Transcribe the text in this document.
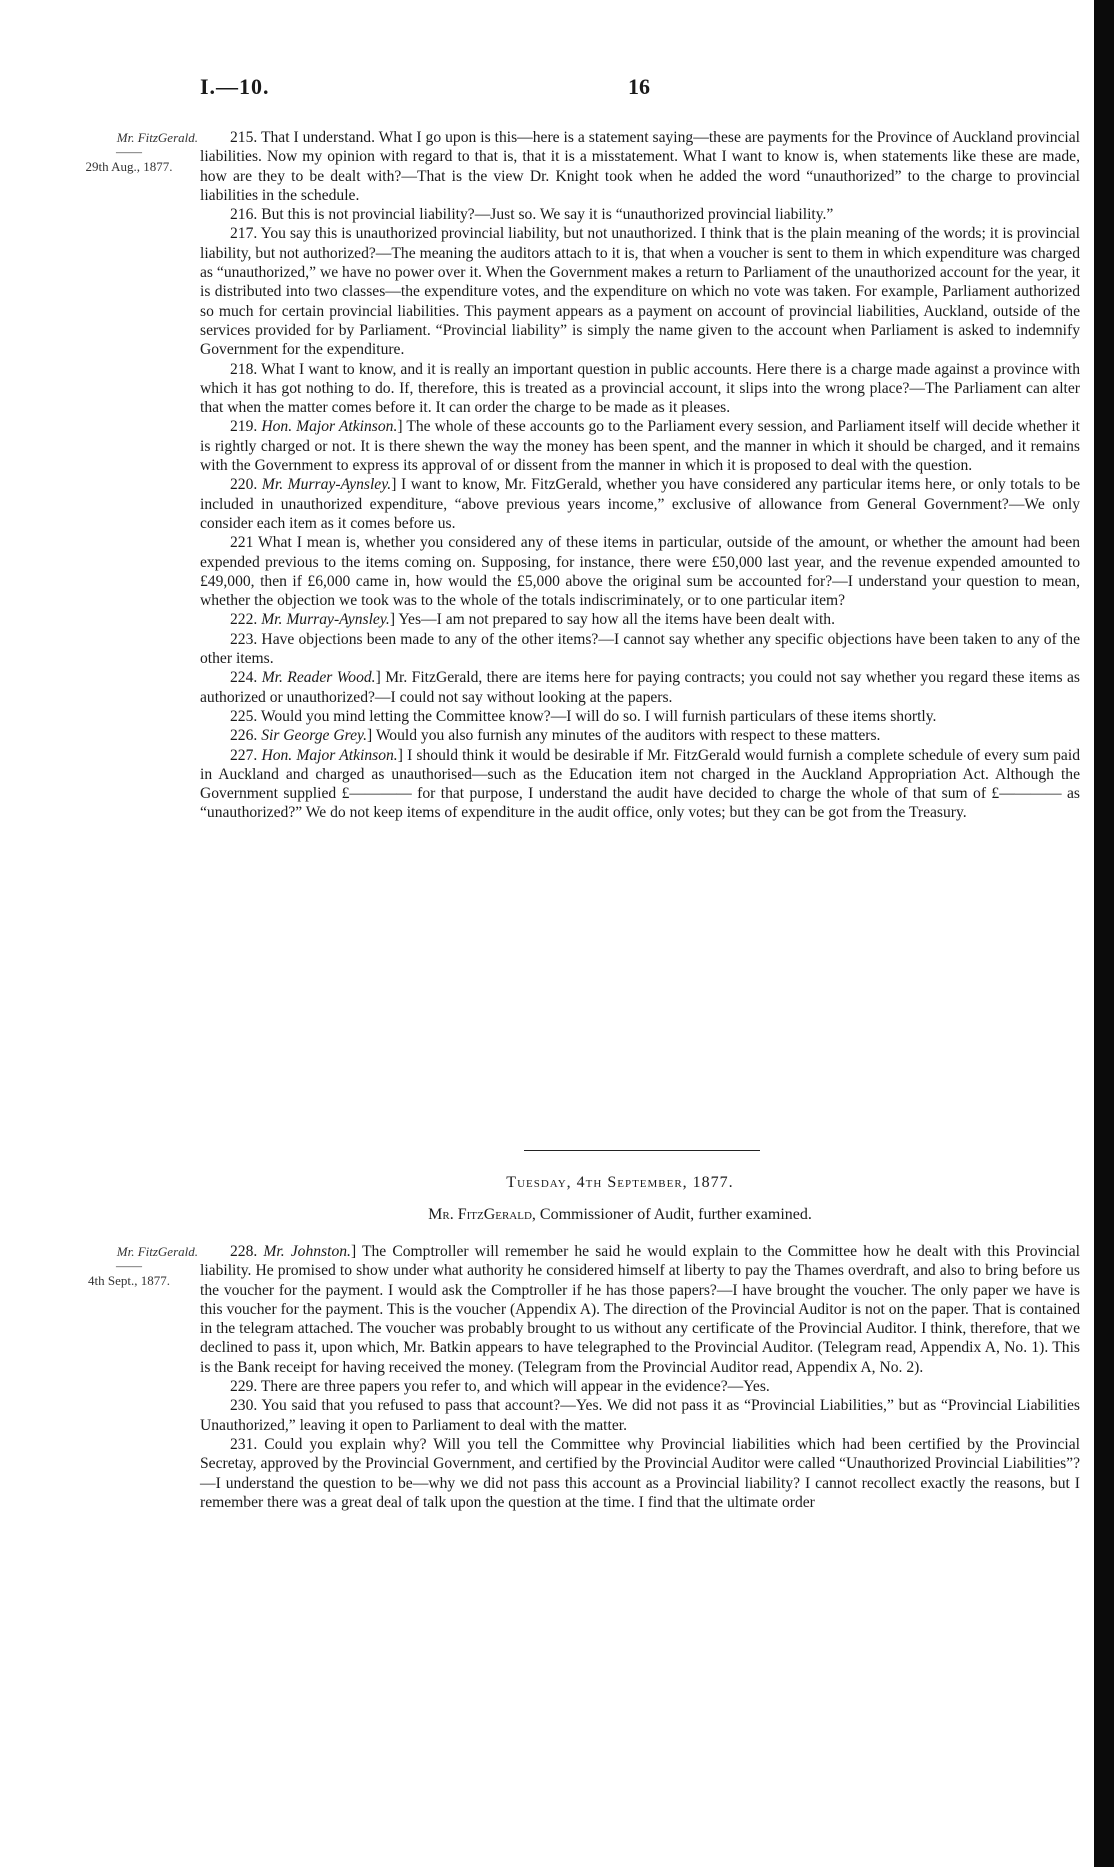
I.—10.	16
Mr. FitzGerald.
——
29th Aug., 1877.

215. That I understand. What I go upon is this—here is a statement saying—these are payments for the Province of Auckland provincial liabilities. Now my opinion with regard to that is, that it is a misstatement. What I want to know is, when statements like these are made, how are they to be dealt with?—That is the view Dr. Knight took when he added the word “unauthorized” to the charge to provincial liabilities in the schedule.

216. But this is not provincial liability?—Just so. We say it is “unauthorized provincial liability.”

217. You say this is unauthorized provincial liability, but not unauthorized. I think that is the plain meaning of the words; it is provincial liability, but not authorized?—The meaning the auditors attach to it is, that when a voucher is sent to them in which expenditure was charged as “unauthorized,” we have no power over it. When the Government makes a return to Parliament of the unauthorized account for the year, it is distributed into two classes—the expenditure votes, and the expenditure on which no vote was taken. For example, Parliament authorized so much for certain provincial liabilities. This payment appears as a payment on account of provincial liabilities, Auckland, outside of the services provided for by Parliament. “Provincial liability” is simply the name given to the account when Parliament is asked to indemnify Government for the expenditure.

218. What I want to know, and it is really an important question in public accounts. Here there is a charge made against a province with which it has got nothing to do. If, therefore, this is treated as a provincial account, it slips into the wrong place?—The Parliament can alter that when the matter comes before it. It can order the charge to be made as it pleases.

219. Hon. Major Atkinson.] The whole of these accounts go to the Parliament every session, and Parliament itself will decide whether it is rightly charged or not. It is there shewn the way the money has been spent, and the manner in which it should be charged, and it remains with the Government to express its approval of or dissent from the manner in which it is proposed to deal with the question.

220. Mr. Murray-Aynsley.] I want to know, Mr. FitzGerald, whether you have considered any particular items here, or only totals to be included in unauthorized expenditure, “above previous years income,” exclusive of allowance from General Government?—We only consider each item as it comes before us.

221 What I mean is, whether you considered any of these items in particular, outside of the amount, or whether the amount had been expended previous to the items coming on. Supposing, for instance, there were £50,000 last year, and the revenue expended amounted to £49,000, then if £6,000 came in, how would the £5,000 above the original sum be accounted for?—I understand your question to mean, whether the objection we took was to the whole of the totals indiscriminately, or to one particular item?

222. Mr. Murray-Aynsley.] Yes—I am not prepared to say how all the items have been dealt with.

223. Have objections been made to any of the other items?—I cannot say whether any specific objections have been taken to any of the other items.

224. Mr. Reader Wood.] Mr. FitzGerald, there are items here for paying contracts; you could not say whether you regard these items as authorized or unauthorized?—I could not say without looking at the papers.

225. Would you mind letting the Committee know?—I will do so. I will furnish particulars of these items shortly.

226. Sir George Grey.] Would you also furnish any minutes of the auditors with respect to these matters.

227. Hon. Major Atkinson.] I should think it would be desirable if Mr. FitzGerald would furnish a complete schedule of every sum paid in Auckland and charged as unauthorised—such as the Education item not charged in the Auckland Appropriation Act. Although the Government supplied £———— for that purpose, I understand the audit have decided to charge the whole of that sum of £———— as “unauthorized?” We do not keep items of expenditure in the audit office, only votes; but they can be got from the Treasury.

Tuesday, 4th September, 1877.
Mr. FitzGerald, Commissioner of Audit, further examined.
Mr. FitzGerald.
——
4th Sept., 1877.

228. Mr. Johnston.] The Comptroller will remember he said he would explain to the Committee how he dealt with this Provincial liability. He promised to show under what authority he considered himself at liberty to pay the Thames overdraft, and also to bring before us the voucher for the payment. I would ask the Comptroller if he has those papers?—I have brought the voucher. The only paper we have is this voucher for the payment. This is the voucher (Appendix A). The direction of the Provincial Auditor is not on the paper. That is contained in the telegram attached. The voucher was probably brought to us without any certificate of the Provincial Auditor. I think, therefore, that we declined to pass it, upon which, Mr. Batkin appears to have telegraphed to the Provincial Auditor. (Telegram read, Appendix A, No. 1). This is the Bank receipt for having received the money. (Telegram from the Provincial Auditor read, Appendix A, No. 2).

229. There are three papers you refer to, and which will appear in the evidence?—Yes.

230. You said that you refused to pass that account?—Yes. We did not pass it as “Provincial Liabilities,” but as “Provincial Liabilities Unauthorized,” leaving it open to Parliament to deal with the matter.

231. Could you explain why? Will you tell the Committee why Provincial liabilities which had been certified by the Provincial Secretay, approved by the Provincial Government, and certified by the Provincial Auditor were called “Unauthorized Provincial Liabilities”?—I understand the question to be—why we did not pass this account as a Provincial liability? I cannot recollect exactly the reasons, but I remember there was a great deal of talk upon the question at the time. I find that the ultimate order
